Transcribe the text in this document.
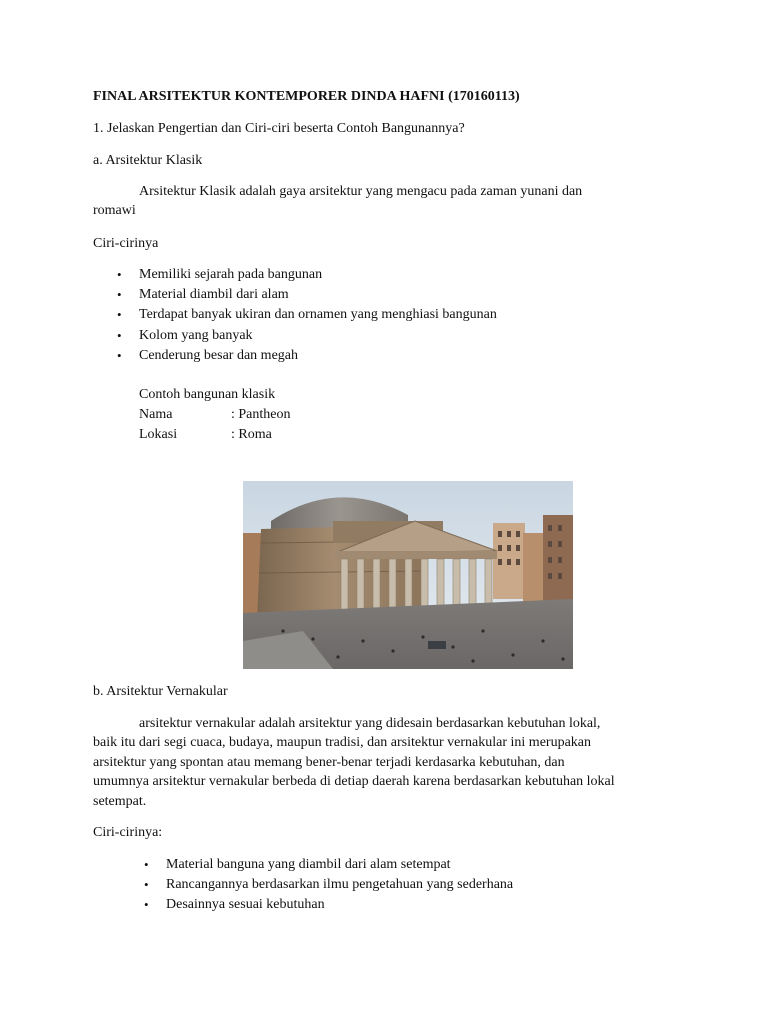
FINAL ARSITEKTUR KONTEMPORER DINDA HAFNI (170160113)

1. Jelaskan Pengertian dan Ciri-ciri beserta Contoh Bangunannya?

a. Arsitektur Klasik

Arsitektur Klasik adalah gaya arsitektur yang mengacu pada zaman yunani dan

romawi

Ciri-cirinya

• Memiliki sejarah pada bangunan
• Material diambil dari alam
• Terdapat banyak ukiran dan ornamen yang menghiasi bangunan
• Kolom yang banyak
• Cenderung besar dan megah
Contoh bangunan klasik
Nama	: Pantheon
Lokasi	: Roma

b. Arsitektur Vernakular

arsitektur vernakular adalah arsitektur yang didesain berdasarkan kebutuhan lokal,

baik itu dari segi cuaca, budaya, maupun tradisi, dan arsitektur vernakular ini merupakan

arsitektur yang spontan atau memang bener-benar terjadi kerdasarka kebutuhan, dan

umumnya arsitektur vernakular berbeda di detiap daerah karena berdasarkan kebutuhan lokal

setempat.

Ciri-cirinya:

• Material banguna yang diambil dari alam setempat
• Rancangannya berdasarkan ilmu pengetahuan yang sederhana
• Desainnya sesuai kebutuhan
